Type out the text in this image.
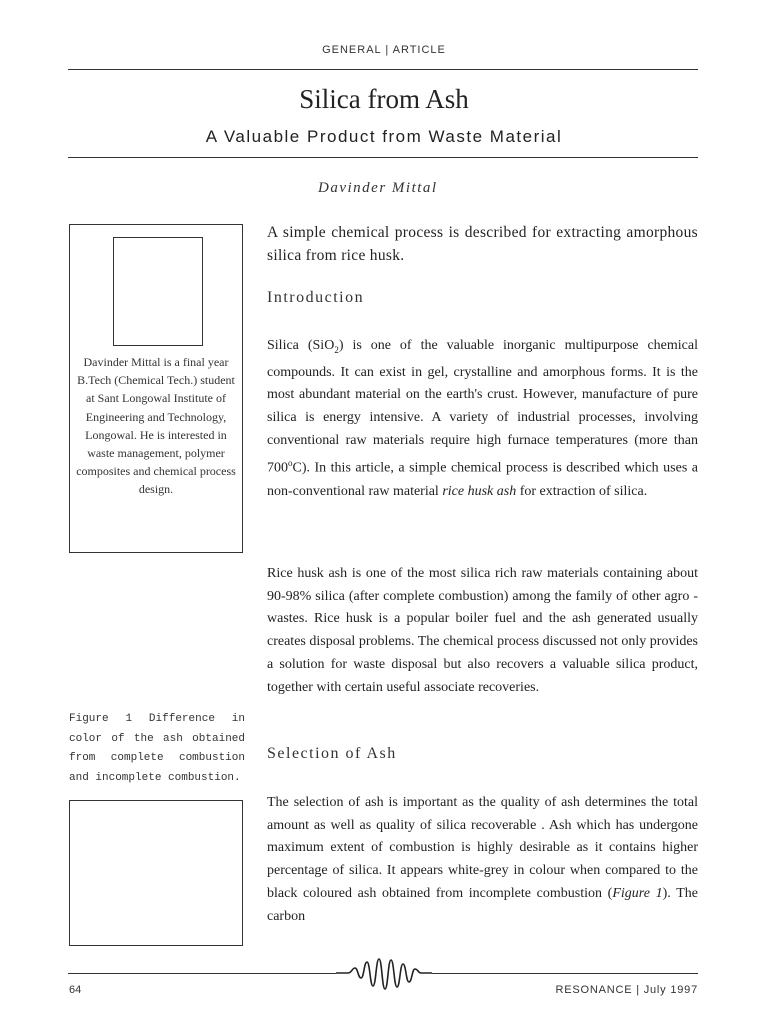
GENERAL | ARTICLE
Silica from Ash
A Valuable Product from Waste Material
Davinder Mittal
Davinder Mittal is a final year B.Tech (Chemical Tech.) student at Sant Longowal Institute of Engineering and Technology, Longowal. He is interested in waste management, polymer composites and chemical process design.
Figure 1 Difference in color of the ash obtained from complete combustion and incomplete combustion.

A simple chemical process is described for extracting amorphous silica from rice husk.

Introduction

Silica (SiO$_2$) is one of the valuable inorganic multipurpose chemical compounds. It can exist in gel, crystalline and amorphous forms. It is the most abundant material on the earth's crust. However, manufacture of pure silica is energy intensive. A variety of industrial processes, involving conventional raw materials require high furnace temperatures (more than 700$^o$C). In this article, a simple chemical process is described which uses a non-conventional raw material rice husk ash for extraction of silica.

Rice husk ash is one of the most silica rich raw materials containing about 90-98% silica (after complete combustion) among the family of other agro - wastes. Rice husk is a popular boiler fuel and the ash generated usually creates disposal problems. The chemical process discussed not only provides a solution for waste disposal but also recovers a valuable silica product, together with certain useful associate recoveries.

Selection of Ash

The selection of ash is important as the quality of ash determines the total amount as well as quality of silica recoverable . Ash which has undergone maximum extent of combustion is highly desirable as it contains higher percentage of silica. It appears white-grey in colour when compared to the black coloured ash obtained from incomplete combustion (Figure 1). The carbon

64	RESONANCE | July 1997
